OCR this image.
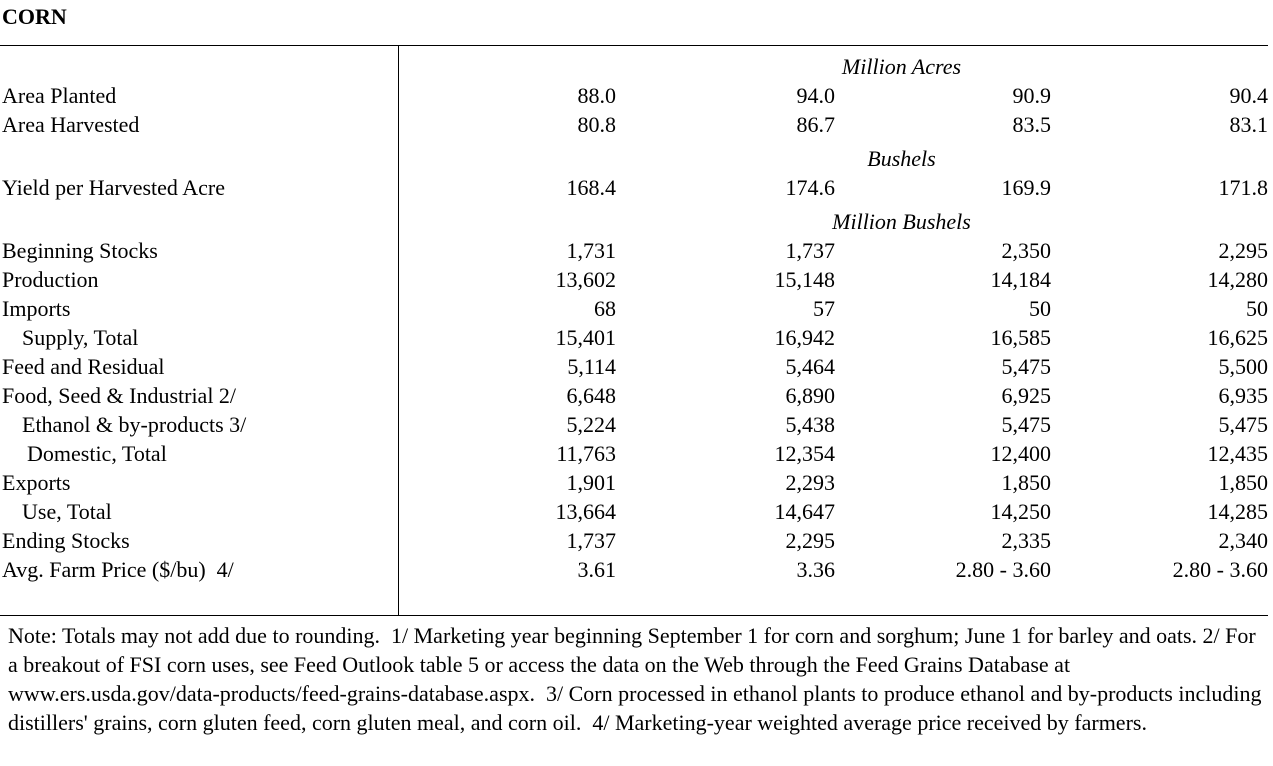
CORN
Million Acres
Area Planted	88.0	94.0	90.9	90.4
Area Harvested	80.8	86.7	83.5	83.1
Bushels
Yield per Harvested Acre	168.4	174.6	169.9	171.8
Million Bushels
Beginning Stocks	1,731	1,737	2,350	2,295
Production	13,602	15,148	14,184	14,280
Imports	68	57	50	50
Supply, Total	15,401	16,942	16,585	16,625
Feed and Residual	5,114	5,464	5,475	5,500
Food, Seed & Industrial 2/	6,648	6,890	6,925	6,935
Ethanol & by-products 3/	5,224	5,438	5,475	5,475
Domestic, Total	11,763	12,354	12,400	12,435
Exports	1,901	2,293	1,850	1,850
Use, Total	13,664	14,647	14,250	14,285
Ending Stocks	1,737	2,295	2,335	2,340
Avg. Farm Price ($/bu)  4/	3.61	3.36	2.80 - 3.60	2.80 - 3.60
Note: Totals may not add due to rounding.  1/ Marketing year beginning September 1 for corn and sorghum; June 1 for barley and oats. 2/ For a breakout of FSI corn uses, see Feed Outlook table 5 or access the data on the Web through the Feed Grains Database at www.ers.usda.gov/data-products/feed-grains-database.aspx.  3/ Corn processed in ethanol plants to produce ethanol and by-products including distillers' grains, corn gluten feed, corn gluten meal, and corn oil.  4/ Marketing-year weighted average price received by farmers.
